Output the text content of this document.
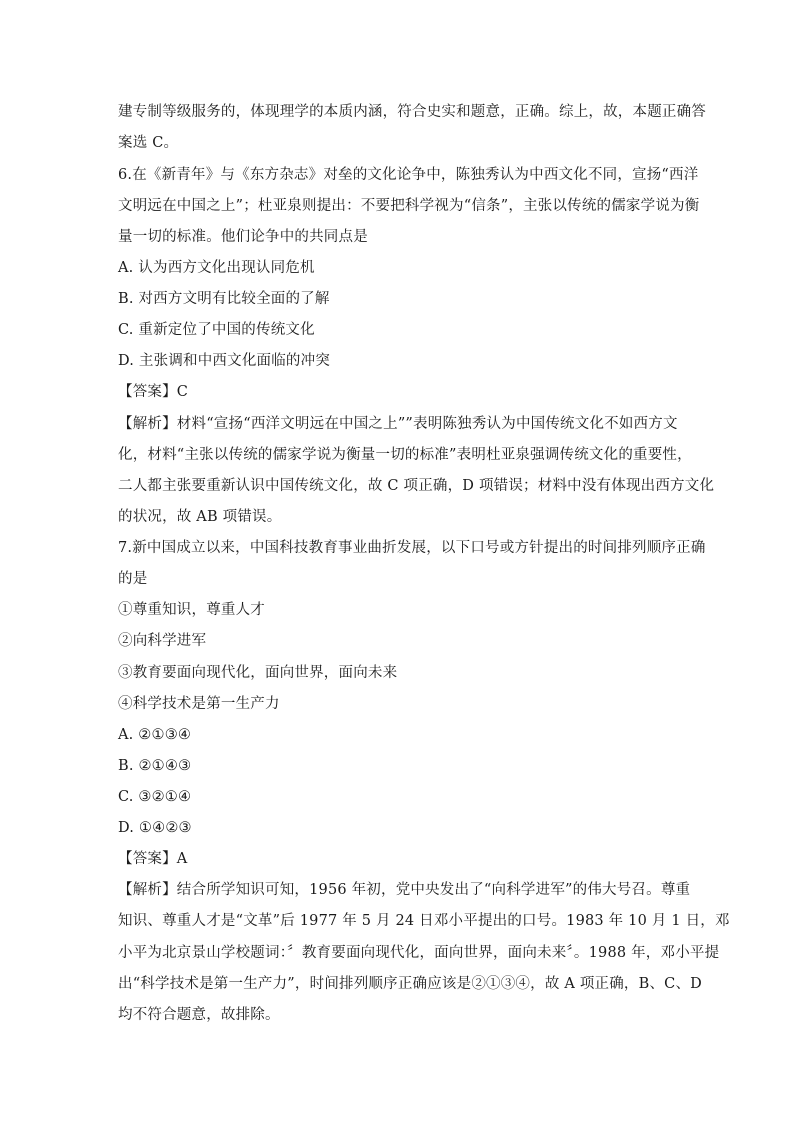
建专制等级服务的，体现理学的本质内涵，符合史实和题意，正确。综上，故，本题正确答
案选 C。
6.在《新青年》与《东方杂志》对垒的文化论争中，陈独秀认为中西文化不同，宣扬“西洋
文明远在中国之上”；杜亚泉则提出：不要把科学视为“信条”，主张以传统的儒家学说为衡
量一切的标准。他们论争中的共同点是
A. 认为西方文化出现认同危机
B. 对西方文明有比较全面的了解
C. 重新定位了中国的传统文化
D. 主张调和中西文化面临的冲突
【答案】C
【解析】材料“宣扬“西洋文明远在中国之上””表明陈独秀认为中国传统文化不如西方文
化，材料“主张以传统的儒家学说为衡量一切的标准”表明杜亚泉强调传统文化的重要性，
二人都主张要重新认识中国传统文化，故 C 项正确，D 项错误；材料中没有体现出西方文化
的状况，故 AB 项错误。
7.新中国成立以来，中国科技教育事业曲折发展，以下口号或方针提出的时间排列顺序正确
的是
①尊重知识，尊重人才
②向科学进军
③教育要面向现代化，面向世界，面向未来
④科学技术是第一生产力
A. ②①③④
B. ②①④③
C. ③②①④
D. ①④②③
【答案】A
【解析】结合所学知识可知，1956 年初，党中央发出了“向科学进军”的伟大号召。尊重
知识、尊重人才是“文革”后 1977 年 5 月 24 日邓小平提出的口号。1983 年 10 月 1 日，邓
小平为北京景山学校题词：〞教育要面向现代化，面向世界，面向未来〞。1988 年，邓小平提
出“科学技术是第一生产力”，时间排列顺序正确应该是②①③④，故 A 项正确，B、C、D
均不符合题意，故排除。
